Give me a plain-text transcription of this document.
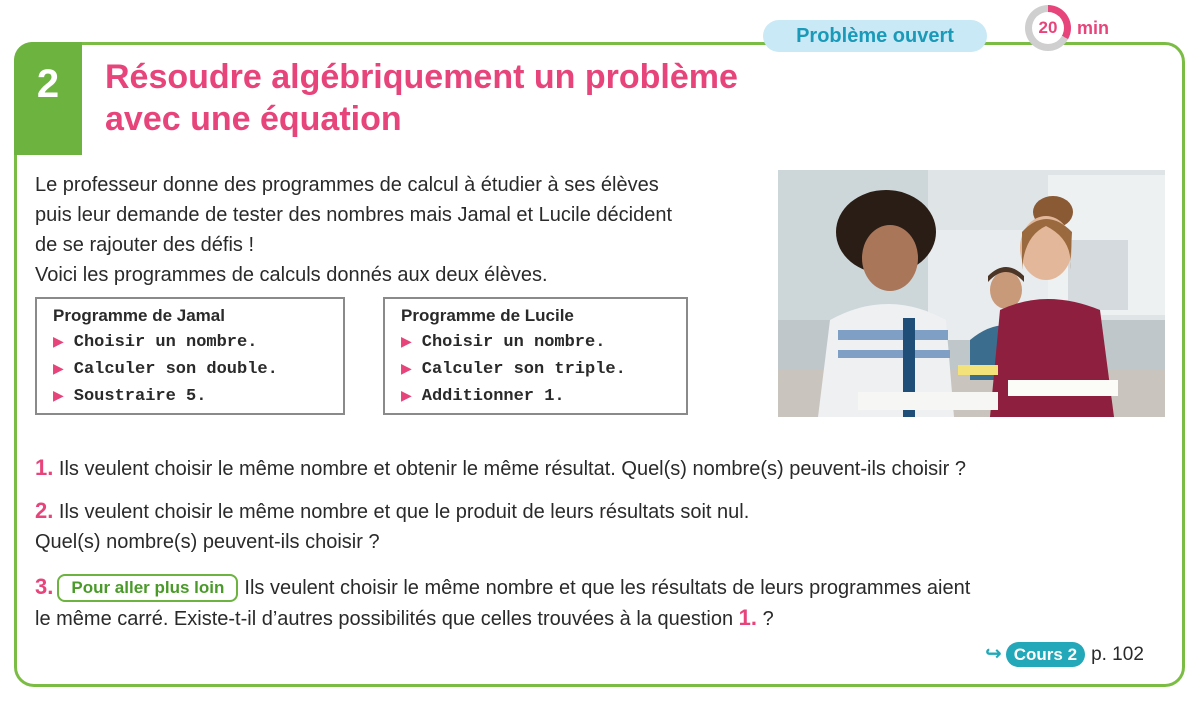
2
Problème ouvert	20	min
Résoudre algébriquement un problème
avec une équation
Le professeur donne des programmes de calcul à étudier à ses élèves
puis leur demande de tester des nombres mais Jamal et Lucile décident
de se rajouter des défis !
Voici les programmes de calculs donnés aux deux élèves.
Programme de Jamal
▶ Choisir un nombre.
▶ Calculer son double.
▶ Soustraire 5.
Programme de Lucile
▶ Choisir un nombre.
▶ Calculer son triple.
▶ Additionner 1.
1. Ils veulent choisir le même nombre et obtenir le même résultat. Quel(s) nombre(s) peuvent-ils choisir ?
2. Ils veulent choisir le même nombre et que le produit de leurs résultats soit nul.
Quel(s) nombre(s) peuvent-ils choisir ?
3. Pour aller plus loin Ils veulent choisir le même nombre et que les résultats de leurs programmes aient
le même carré. Existe-t-il d’autres possibilités que celles trouvées à la question 1. ?
↪ Cours 2 p. 102
